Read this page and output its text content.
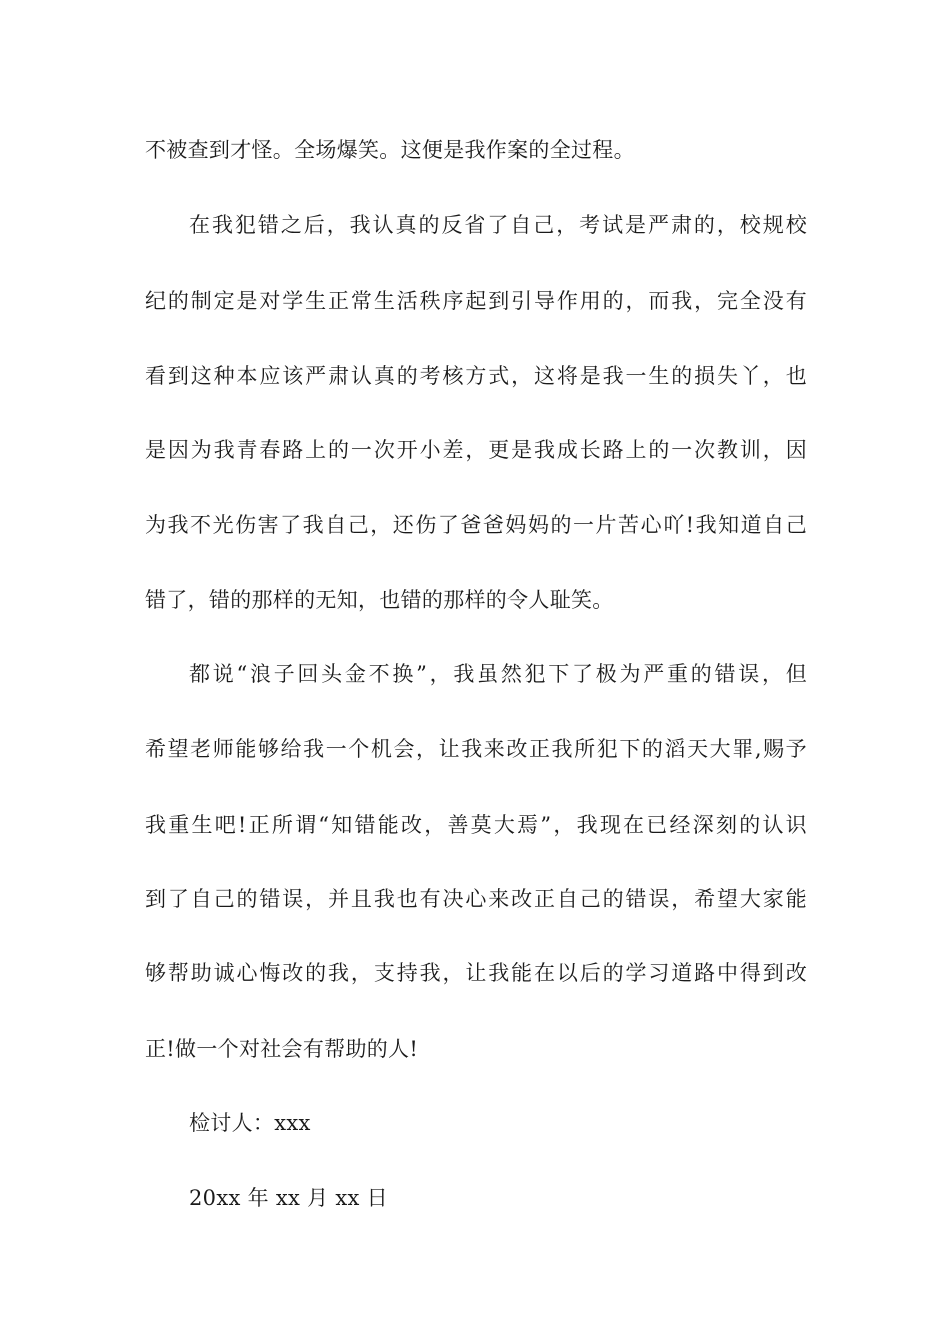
不被查到才怪。全场爆笑。这便是我作案的全过程。
在我犯错之后，我认真的反省了自己，考试是严肃的，校规校
纪的制定是对学生正常生活秩序起到引导作用的，而我，完全没有
看到这种本应该严肃认真的考核方式，这将是我一生的损失丫，也
是因为我青春路上的一次开小差，更是我成长路上的一次教训，因
为我不光伤害了我自己，还伤了爸爸妈妈的一片苦心吖!我知道自己
错了，错的那样的无知，也错的那样的令人耻笑。
都说“浪子回头金不换”，我虽然犯下了极为严重的错误，但
希望老师能够给我一个机会，让我来改正我所犯下的滔天大罪,赐予
我重生吧!正所谓“知错能改，善莫大焉”，我现在已经深刻的认识
到了自己的错误，并且我也有决心来改正自己的错误，希望大家能
够帮助诚心悔改的我，支持我，让我能在以后的学习道路中得到改
正!做一个对社会有帮助的人!
检讨人：xxx
20xx 年 xx 月 xx 日
